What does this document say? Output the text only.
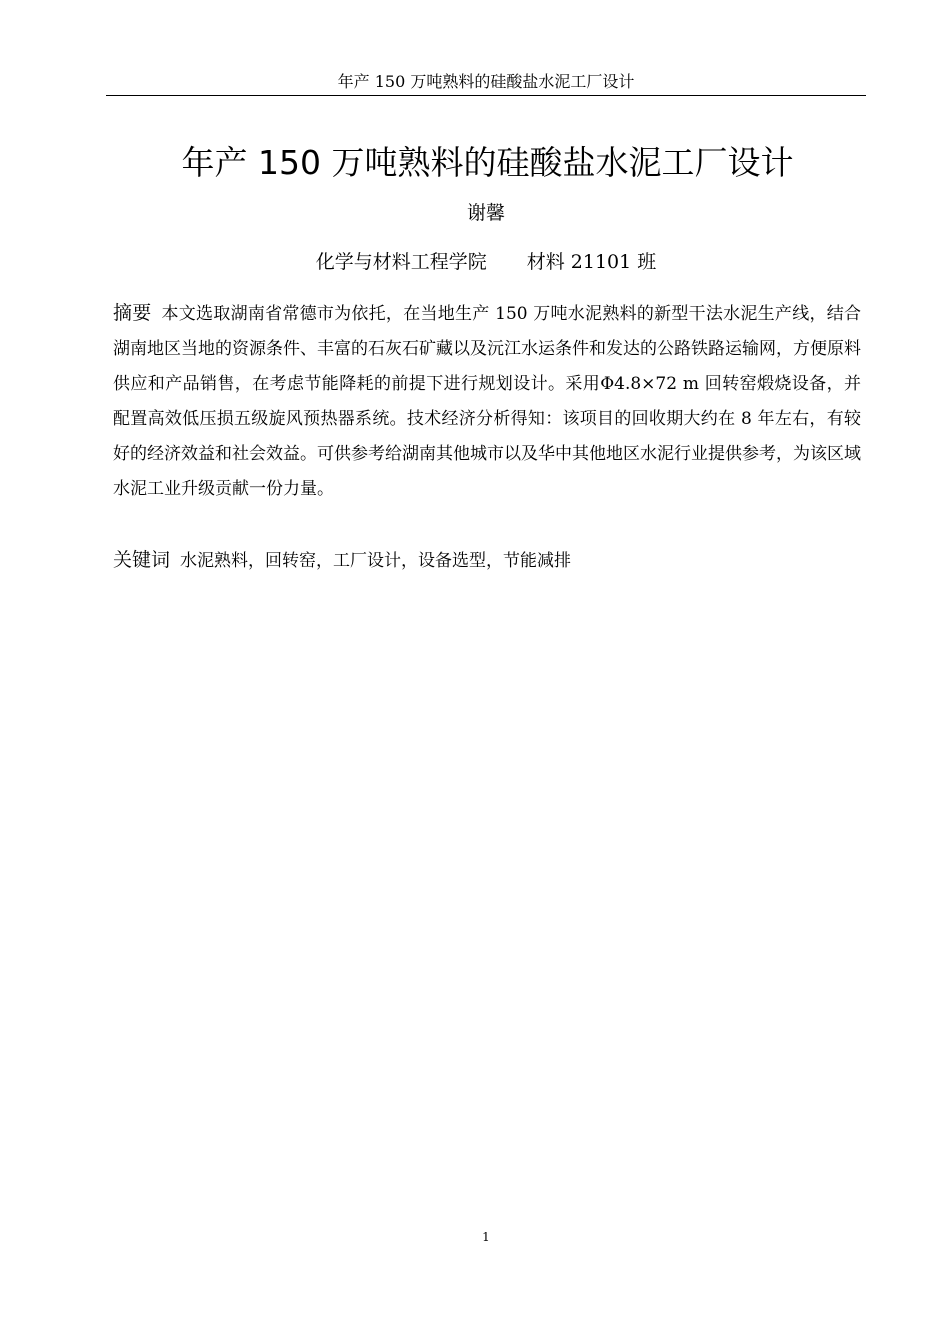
年产 150 万吨熟料的硅酸盐水泥工厂设计
年产 150 万吨熟料的硅酸盐水泥工厂设计
谢馨
化学与材料工程学院 材料 21101 班
摘要 本文选取湖南省常德市为依托，在当地生产 150 万吨水泥熟料的新型干法水泥生产线，结合湖南地区当地的资源条件、丰富的石灰石矿藏以及沅江水运条件和发达的公路铁路运输网，方便原料供应和产品销售，在考虑节能降耗的前提下进行规划设计。采用Φ4.8×72 m 回转窑煅烧设备，并配置高效低压损五级旋风预热器系统。技术经济分析得知：该项目的回收期大约在 8 年左右，有较好的经济效益和社会效益。可供参考给湖南其他城市以及华中其他地区水泥行业提供参考，为该区域水泥工业升级贡献一份力量。
关键词 水泥熟料，回转窑，工厂设计，设备选型，节能减排
1
